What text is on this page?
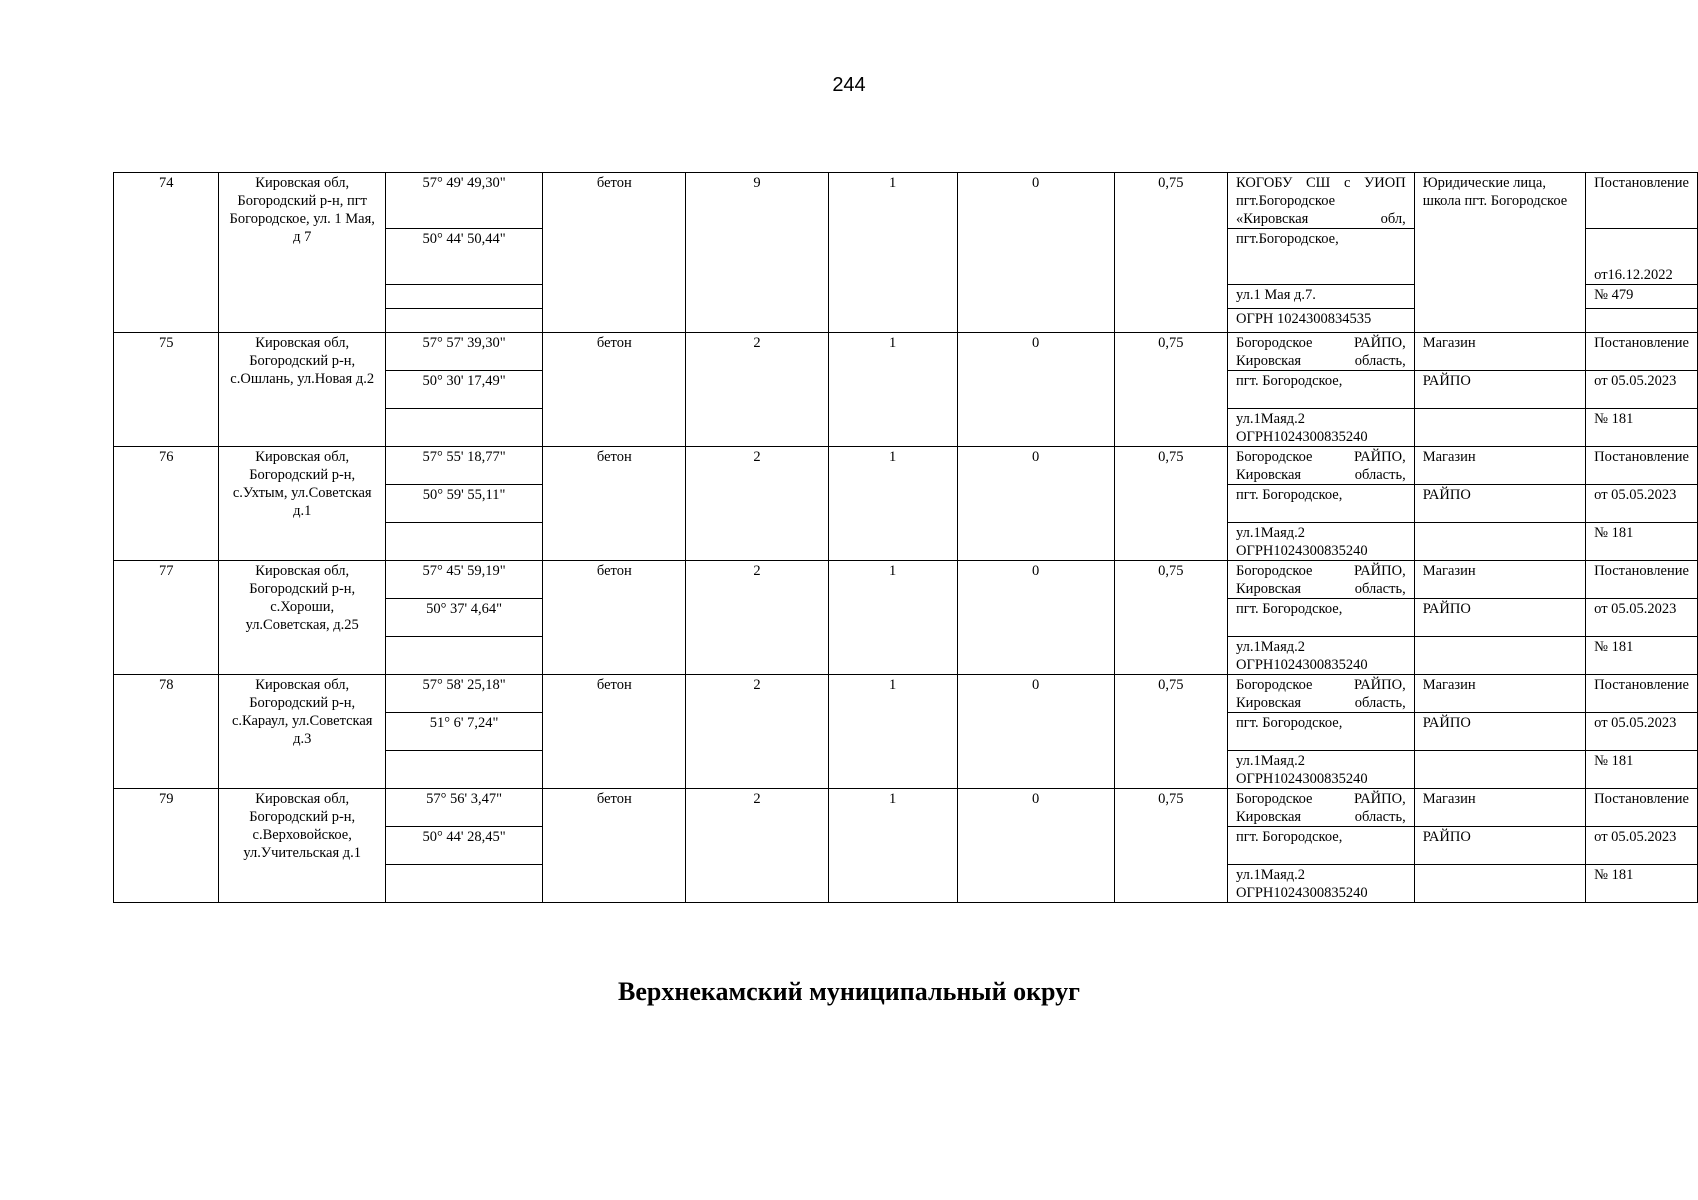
244
74	Кировская обл, Богородский р-н, пгт Богородское, ул. 1 Мая, д 7	57° 49' 49,30"	бетон	9	1	0	0,75	КОГОБУ СШ с УИОП пгт.Богородское «Кировская обл,	Юридические лица, школа пгт. Богородское	Постановление
		50° 44' 50,44"						пгт.Богородское,		от16.12.2022
								ул.1 Мая д.7.		№ 479
								ОГРН 1024300834535		
75	Кировская обл, Богородский р-н, с.Ошлань, ул.Новая д.2	57° 57' 39,30"	бетон	2	1	0	0,75	Богородское РАЙПО, Кировская область,	Магазин	Постановление
		50° 30' 17,49"						пгт. Богородское,	РАЙПО	от 05.05.2023
								ул.1Маяд.2 ОГРН1024300835240		№ 181
76	Кировская обл, Богородский р-н, с.Ухтым, ул.Советская д.1	57° 55' 18,77"	бетон	2	1	0	0,75	Богородское РАЙПО, Кировская область,	Магазин	Постановление
		50° 59' 55,11"						пгт. Богородское,	РАЙПО	от 05.05.2023
								ул.1Маяд.2 ОГРН1024300835240		№ 181
77	Кировская обл, Богородский р-н, с.Хороши, ул.Советская, д.25	57° 45' 59,19"	бетон	2	1	0	0,75	Богородское РАЙПО, Кировская область,	Магазин	Постановление
		50° 37' 4,64"						пгт. Богородское,	РАЙПО	от 05.05.2023
								ул.1Маяд.2 ОГРН1024300835240		№ 181
78	Кировская обл, Богородский р-н, с.Караул, ул.Советская д.3	57° 58' 25,18"	бетон	2	1	0	0,75	Богородское РАЙПО, Кировская область,	Магазин	Постановление
		51° 6' 7,24"						пгт. Богородское,	РАЙПО	от 05.05.2023
								ул.1Маяд.2 ОГРН1024300835240		№ 181
79	Кировская обл, Богородский р-н, с.Верховойское, ул.Учительская д.1	57° 56' 3,47"	бетон	2	1	0	0,75	Богородское РАЙПО, Кировская область,	Магазин	Постановление
		50° 44' 28,45"						пгт. Богородское,	РАЙПО	от 05.05.2023
								ул.1Маяд.2 ОГРН1024300835240		№ 181
Верхнекамский муниципальный округ
